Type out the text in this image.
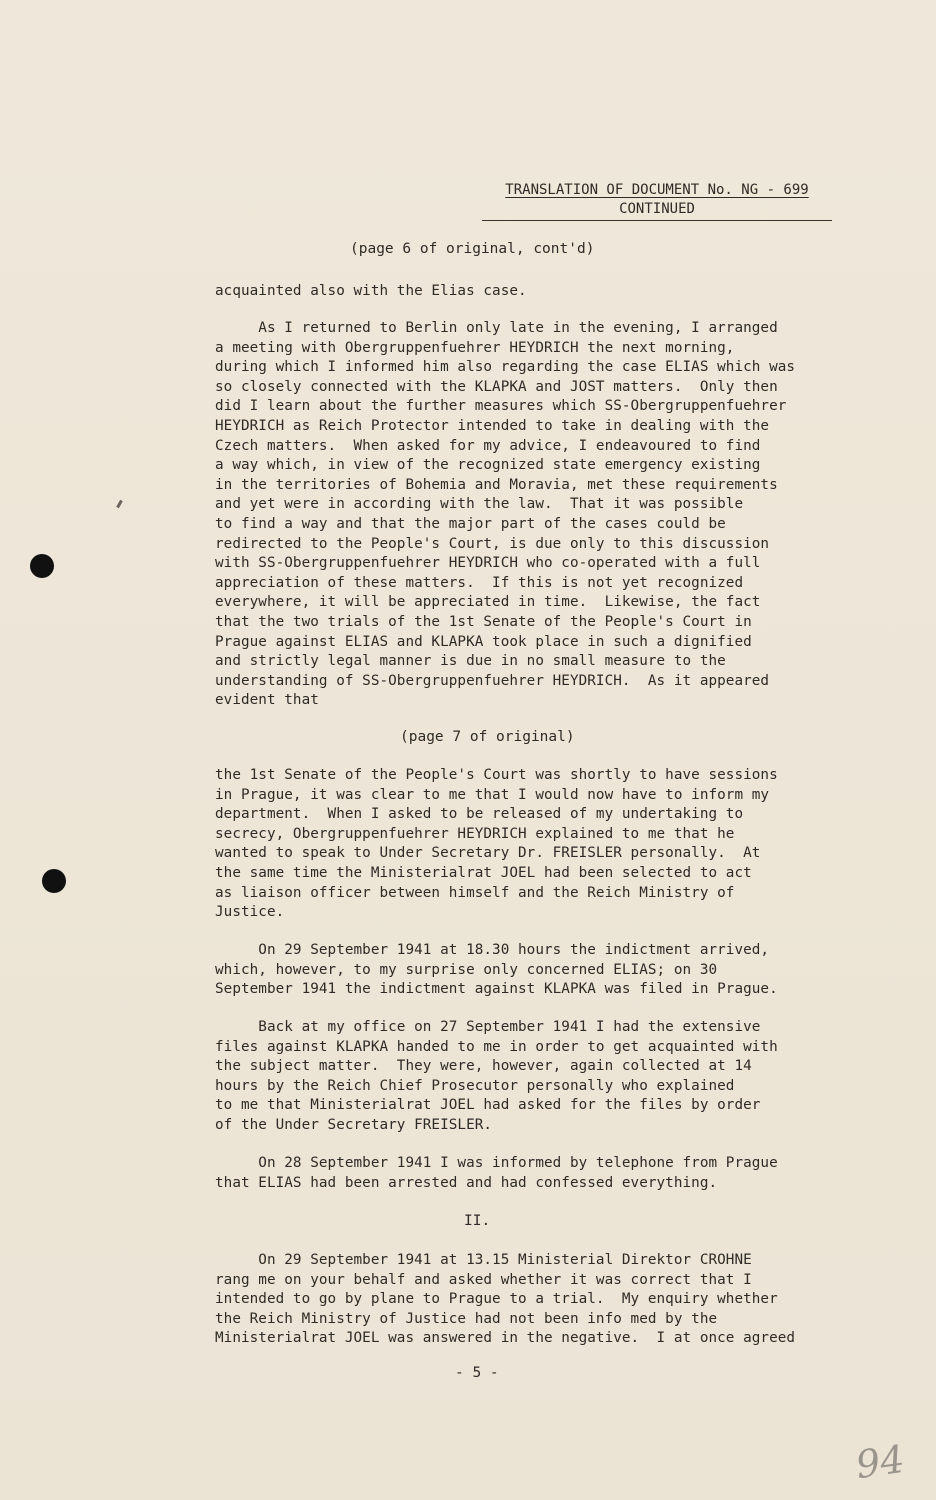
TRANSLATION OF DOCUMENT No. NG - 699
CONTINUED
(page 6 of original, cont'd)
acquainted also with the Elias case.
As I returned to Berlin only late in the evening, I arranged
a meeting with Obergruppenfuehrer HEYDRICH the next morning,
during which I informed him also regarding the case ELIAS which was
so closely connected with the KLAPKA and JOST matters.  Only then
did I learn about the further measures which SS-Obergruppenfuehrer
HEYDRICH as Reich Protector intended to take in dealing with the
Czech matters.  When asked for my advice, I endeavoured to find
a way which, in view of the recognized state emergency existing
in the territories of Bohemia and Moravia, met these requirements
and yet were in according with the law.  That it was possible
to find a way and that the major part of the cases could be
redirected to the People's Court, is due only to this discussion
with SS-Obergruppenfuehrer HEYDRICH who co-operated with a full
appreciation of these matters.  If this is not yet recognized
everywhere, it will be appreciated in time.  Likewise, the fact
that the two trials of the 1st Senate of the People's Court in
Prague against ELIAS and KLAPKA took place in such a dignified
and strictly legal manner is due in no small measure to the
understanding of SS-Obergruppenfuehrer HEYDRICH.  As it appeared
evident that
(page 7 of original)
the 1st Senate of the People's Court was shortly to have sessions
in Prague, it was clear to me that I would now have to inform my
department.  When I asked to be released of my undertaking to
secrecy, Obergruppenfuehrer HEYDRICH explained to me that he
wanted to speak to Under Secretary Dr. FREISLER personally.  At
the same time the Ministerialrat JOEL had been selected to act
as liaison officer between himself and the Reich Ministry of
Justice.
On 29 September 1941 at 18.30 hours the indictment arrived,
which, however, to my surprise only concerned ELIAS; on 30
September 1941 the indictment against KLAPKA was filed in Prague.
Back at my office on 27 September 1941 I had the extensive
files against KLAPKA handed to me in order to get acquainted with
the subject matter.  They were, however, again collected at 14
hours by the Reich Chief Prosecutor personally who explained
to me that Ministerialrat JOEL had asked for the files by order
of the Under Secretary FREISLER.
On 28 September 1941 I was informed by telephone from Prague
that ELIAS had been arrested and had confessed everything.
II.
On 29 September 1941 at 13.15 Ministerial Direktor CROHNE
rang me on your behalf and asked whether it was correct that I
intended to go by plane to Prague to a trial.  My enquiry whether
the Reich Ministry of Justice had not been info med by the
Ministerialrat JOEL was answered in the negative.  I at once agreed
- 5 -
94
